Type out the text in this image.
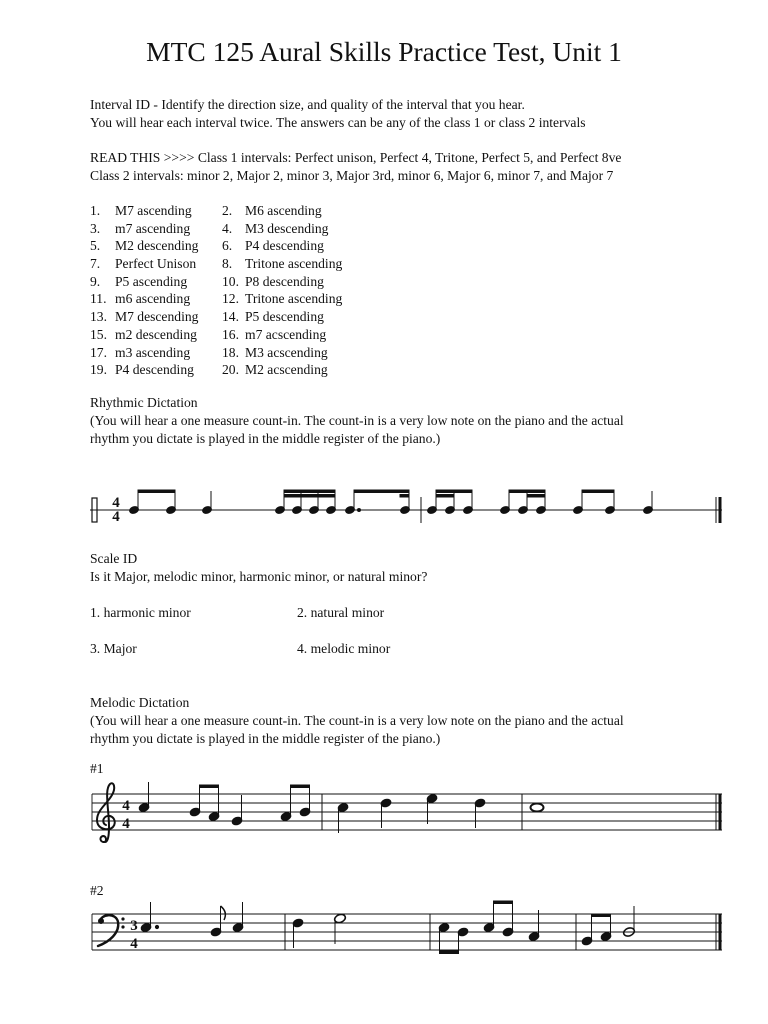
MTC 125 Aural Skills Practice Test, Unit 1
Interval ID - Identify the direction size, and quality of the interval that you hear.
You will hear each interval twice. The answers can be any of the class 1 or class 2 intervals
READ THIS >>>> Class 1 intervals: Perfect unison, Perfect 4, Tritone, Perfect 5, and Perfect 8ve
Class 2 intervals: minor 2, Major 2, minor 3, Major 3rd, minor 6, Major 6, minor 7, and Major 7
1. M7 ascending 2. M6 ascending
3. m7 ascending 4. M3 descending
5. M2 descending 6. P4 descending
7. Perfect Unison 8. Tritone ascending
9. P5 ascending	10. P8 descending
11. m6 ascending 12. Tritone ascending
13. M7 descending 14. P5 descending
15. m2 descending 16. m7 acscending
17. m3 ascending 18. M3 acscending
19. P4 descending 20. M2 acscending
Rhythmic Dictation
(You will hear a one measure count-in. The count-in is a very low note on the piano and the actual
rhythm you dictate is played in the middle register of the piano.)
4
4
Scale ID
Is it Major, melodic minor, harmonic minor, or natural minor?
1. harmonic minor	2. natural minor
3. Major	4. melodic minor
Melodic Dictation
(You will hear a one measure count-in. The count-in is a very low note on the piano and the actual
rhythm you dictate is played in the middle register of the piano.)
#1
4
4
#2
3
4
